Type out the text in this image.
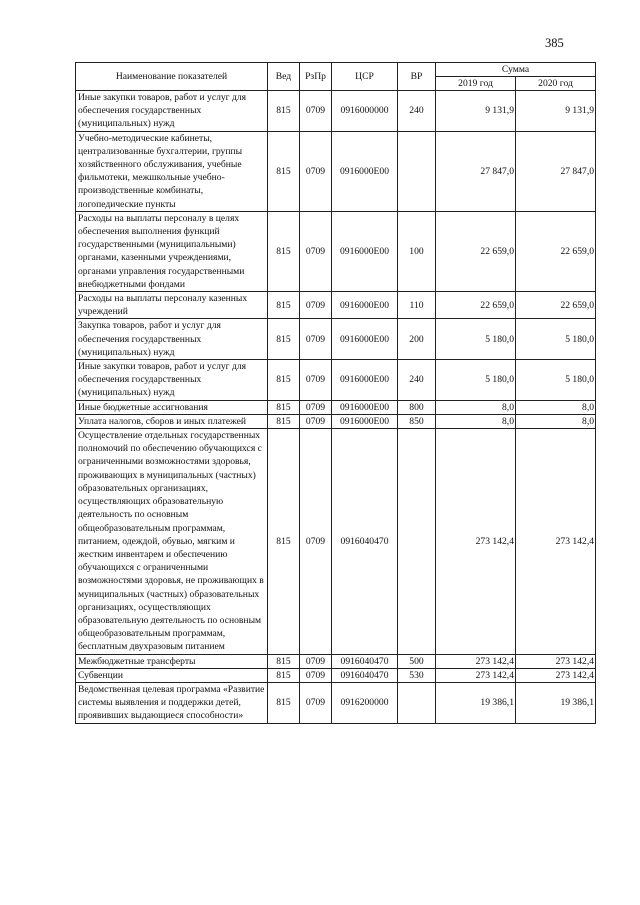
385
Наименование показателей	Вед	РзПр	ЦСР	ВР	Сумма	
					2019 год	2020 год
Иные закупки товаров, работ и услуг для обеспечения государственных (муниципальных) нужд	815	0709	0916000000	240	9 131,9	9 131,9
Учебно-методические кабинеты, централизованные бухгалтерии, группы хозяйственного обслуживания, учебные фильмотеки, межшкольные учебно-производственные комбинаты, логопедические пункты	815	0709	0916000Е00		27 847,0	27 847,0
Расходы на выплаты персоналу в целях обеспечения выполнения функций государственными (муниципальными) органами, казенными учреждениями, органами управления государственными внебюджетными фондами	815	0709	0916000Е00	100	22 659,0	22 659,0
Расходы на выплаты персоналу казенных учреждений	815	0709	0916000Е00	110	22 659,0	22 659,0
Закупка товаров, работ и услуг для обеспечения государственных (муниципальных) нужд	815	0709	0916000Е00	200	5 180,0	5 180,0
Иные закупки товаров, работ и услуг для обеспечения государственных (муниципальных) нужд	815	0709	0916000Е00	240	5 180,0	5 180,0
Иные бюджетные ассигнования	815	0709	0916000Е00	800	8,0	8,0
Уплата налогов, сборов и иных платежей	815	0709	0916000Е00	850	8,0	8,0
Осуществление отдельных государственных полномочий по обеспечению обучающихся с ограниченными возможностями здоровья, проживающих в муниципальных (частных) образовательных организациях, осуществляющих образовательную деятельность по основным общеобразовательным программам, питанием, одеждой, обувью, мягким и жестким инвентарем и обеспечению обучающихся с ограниченными возможностями здоровья, не проживающих в муниципальных (частных) образовательных организациях, осуществляющих образовательную деятельность по основным общеобразовательным программам, бесплатным двухразовым питанием	815	0709	0916040470		273 142,4	273 142,4
Межбюджетные трансферты	815	0709	0916040470	500	273 142,4	273 142,4
Субвенции	815	0709	0916040470	530	273 142,4	273 142,4
Ведомственная целевая программа «Развитие системы выявления и поддержки детей, проявивших выдающиеся способности»	815	0709	0916200000		19 386,1	19 386,1
